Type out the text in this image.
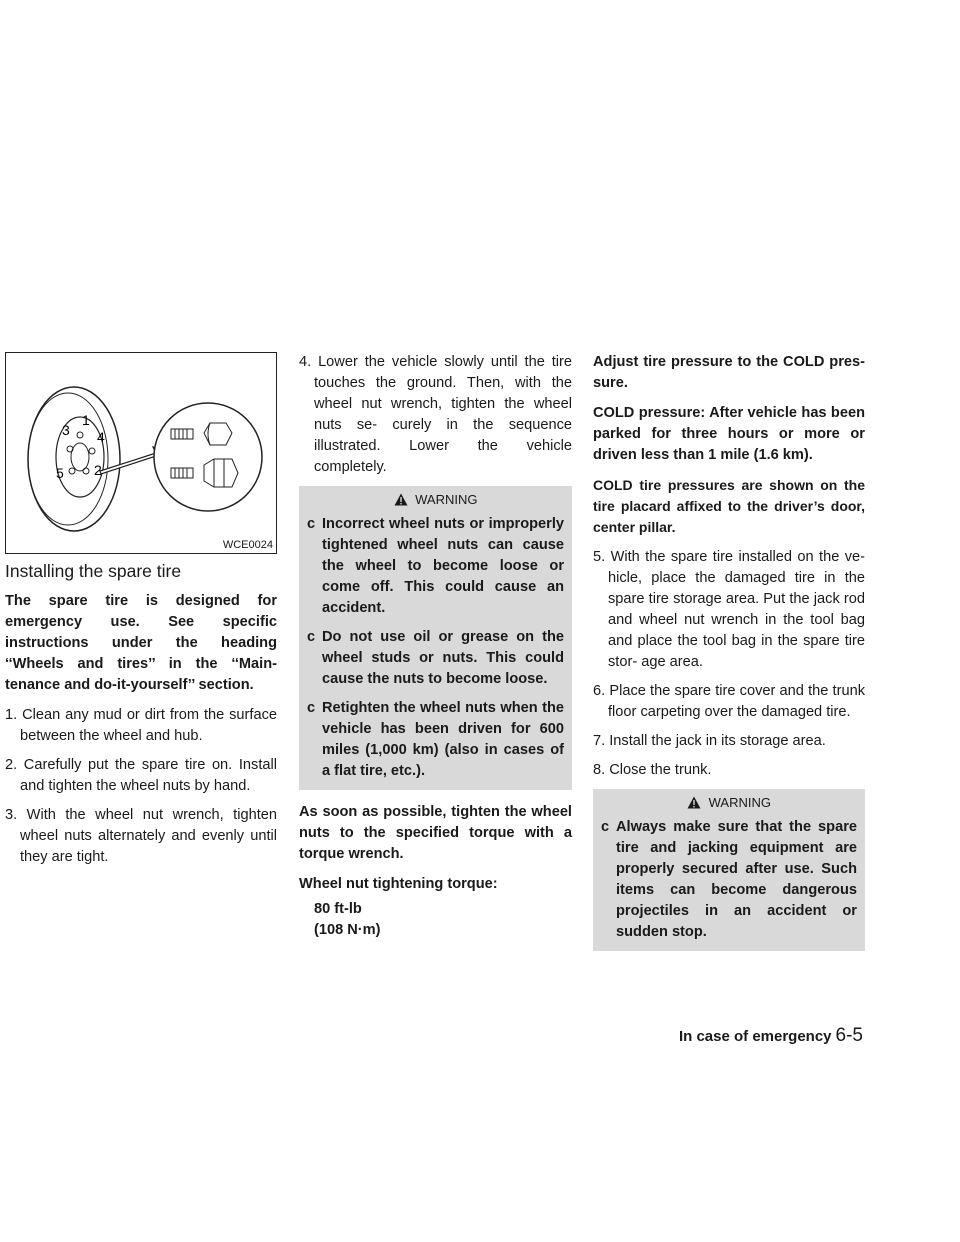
1
2
3 4
5
WCE0024
Installing the spare tire

The spare tire is designed for emergency use. See specific instructions under the heading ‘‘Wheels and tires’’ in the ‘‘Main- tenance and do-it-yourself’’ section.

1. Clean any mud or dirt from the surface between the wheel and hub.
2. Carefully put the spare tire on. Install and tighten the wheel nuts by hand.
3. With the wheel nut wrench, tighten wheel nuts alternately and evenly until they are tight.
4. Lower the vehicle slowly until the tire touches the ground. Then, with the wheel nut wrench, tighten the wheel nuts se- curely in the sequence illustrated. Lower the vehicle completely.
WARNING
c Incorrect wheel nuts or improperly tightened wheel nuts can cause the wheel to become loose or come off. This could cause an accident.
c Do not use oil or grease on the wheel studs or nuts. This could cause the nuts to become loose.
c Retighten the wheel nuts when the vehicle has been driven for 600 miles (1,000 km) (also in cases of a flat tire, etc.).

As soon as possible, tighten the wheel nuts to the specified torque with a torque wrench.

Wheel nut tightening torque:

80 ft-lb
(108 N·m)

Adjust tire pressure to the COLD pres- sure.

COLD pressure: After vehicle has been parked for three hours or more or driven less than 1 mile (1.6 km).

COLD tire pressures are shown on the tire placard affixed to the driver’s door, center pillar.

5. With the spare tire installed on the ve- hicle, place the damaged tire in the spare tire storage area. Put the jack rod and wheel nut wrench in the tool bag and place the tool bag in the spare tire stor- age area.
6. Place the spare tire cover and the trunk floor carpeting over the damaged tire.
7. Install the jack in its storage area.
8. Close the trunk.
WARNING
c Always make sure that the spare tire and jacking equipment are properly secured after use. Such items can become dangerous projectiles in an accident or sudden stop.
In case of emergency 6-5
